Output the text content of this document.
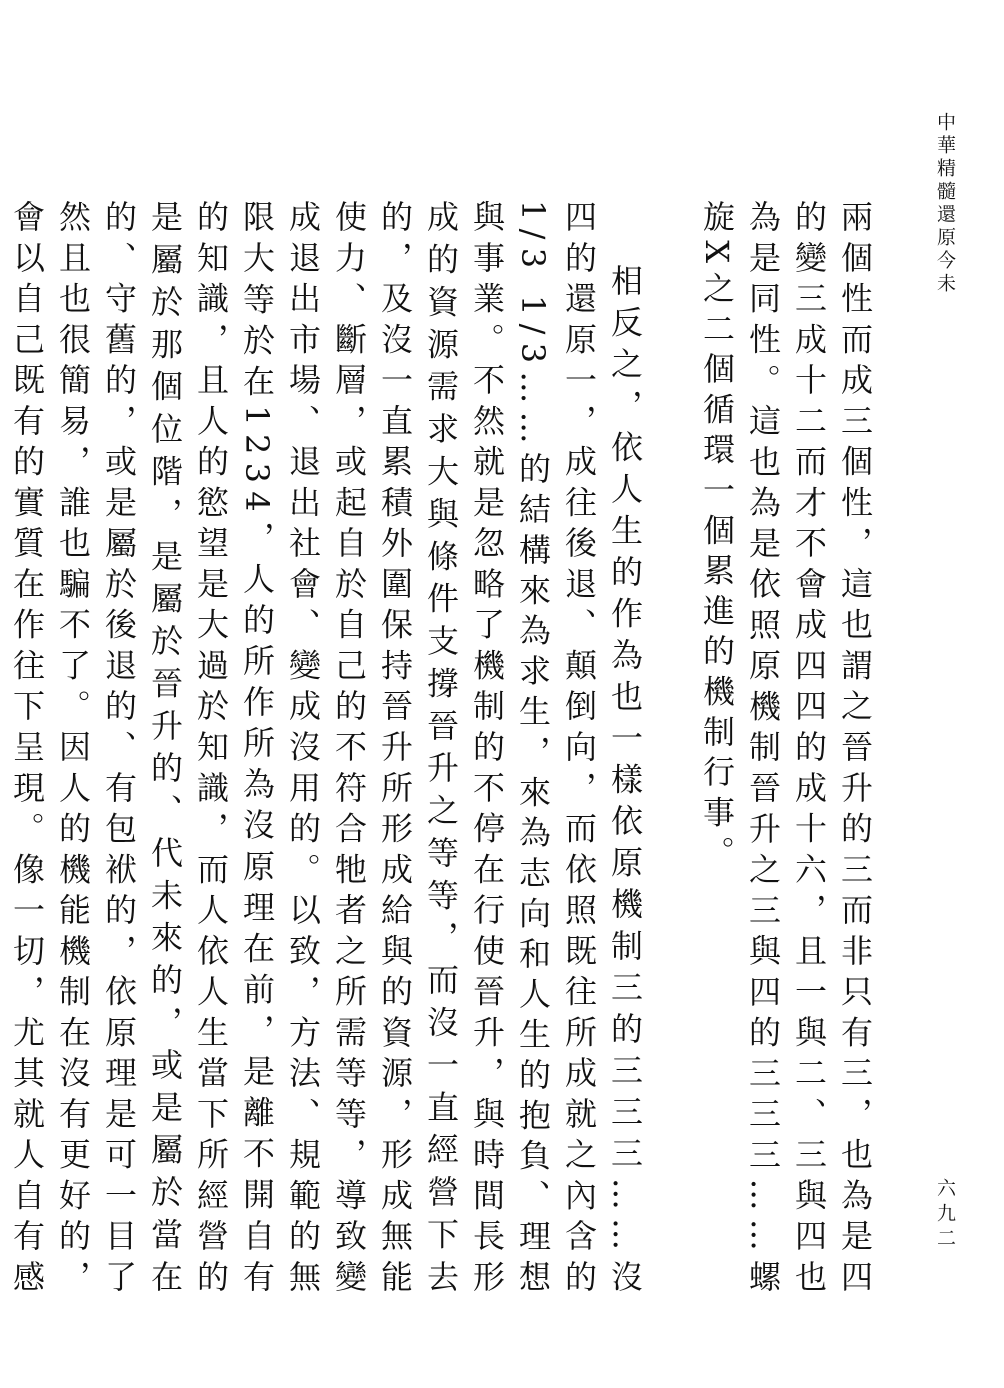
中華精髓還原今未

兩個性而成三個性，這也謂之晉升的三而非只有三，也為是四的變三成十二而才不會成四四的成十六，且一與二、三與四也為是同性。這也為是依照原機制晉升之三與四的三三三……螺旋X之二個循環一個累進的機制行事。

相反之，依人生的作為也一樣依原機制三的三三三……沒四的還原一，成往後退、顛倒向，而依照既往所成就之內含的1/3 1/3……的結構來為求生，來為志向和人生的抱負、理想與事業。不然就是忽略了機制的不停在行使晉升，與時間長形成的資源需求大與條件支撐晉升之等等，而沒一直經營下去的，及沒一直累積外圍保持晉升所形成給與的資源，形成無能使力、斷層，或起自於自己的不符合牠者之所需等等，導致變成退出市場、退出社會、變成沒用的。以致，方法、規範的無限大等於在1234，人的所作所為沒原理在前，是離不開自有的知識，且人的慾望是大過於知識，而人依人生當下所經營的是屬於那個位階，是屬於晉升的、代未來的，或是屬於當在的、守舊的，或是屬於後退的、有包袱的，依原理是可一目了然且也很簡易，誰也騙不了。因人的機能機制在沒有更好的，會以自己既有的實質在作往下呈現。像一切，尤其就人自有感

六九二
